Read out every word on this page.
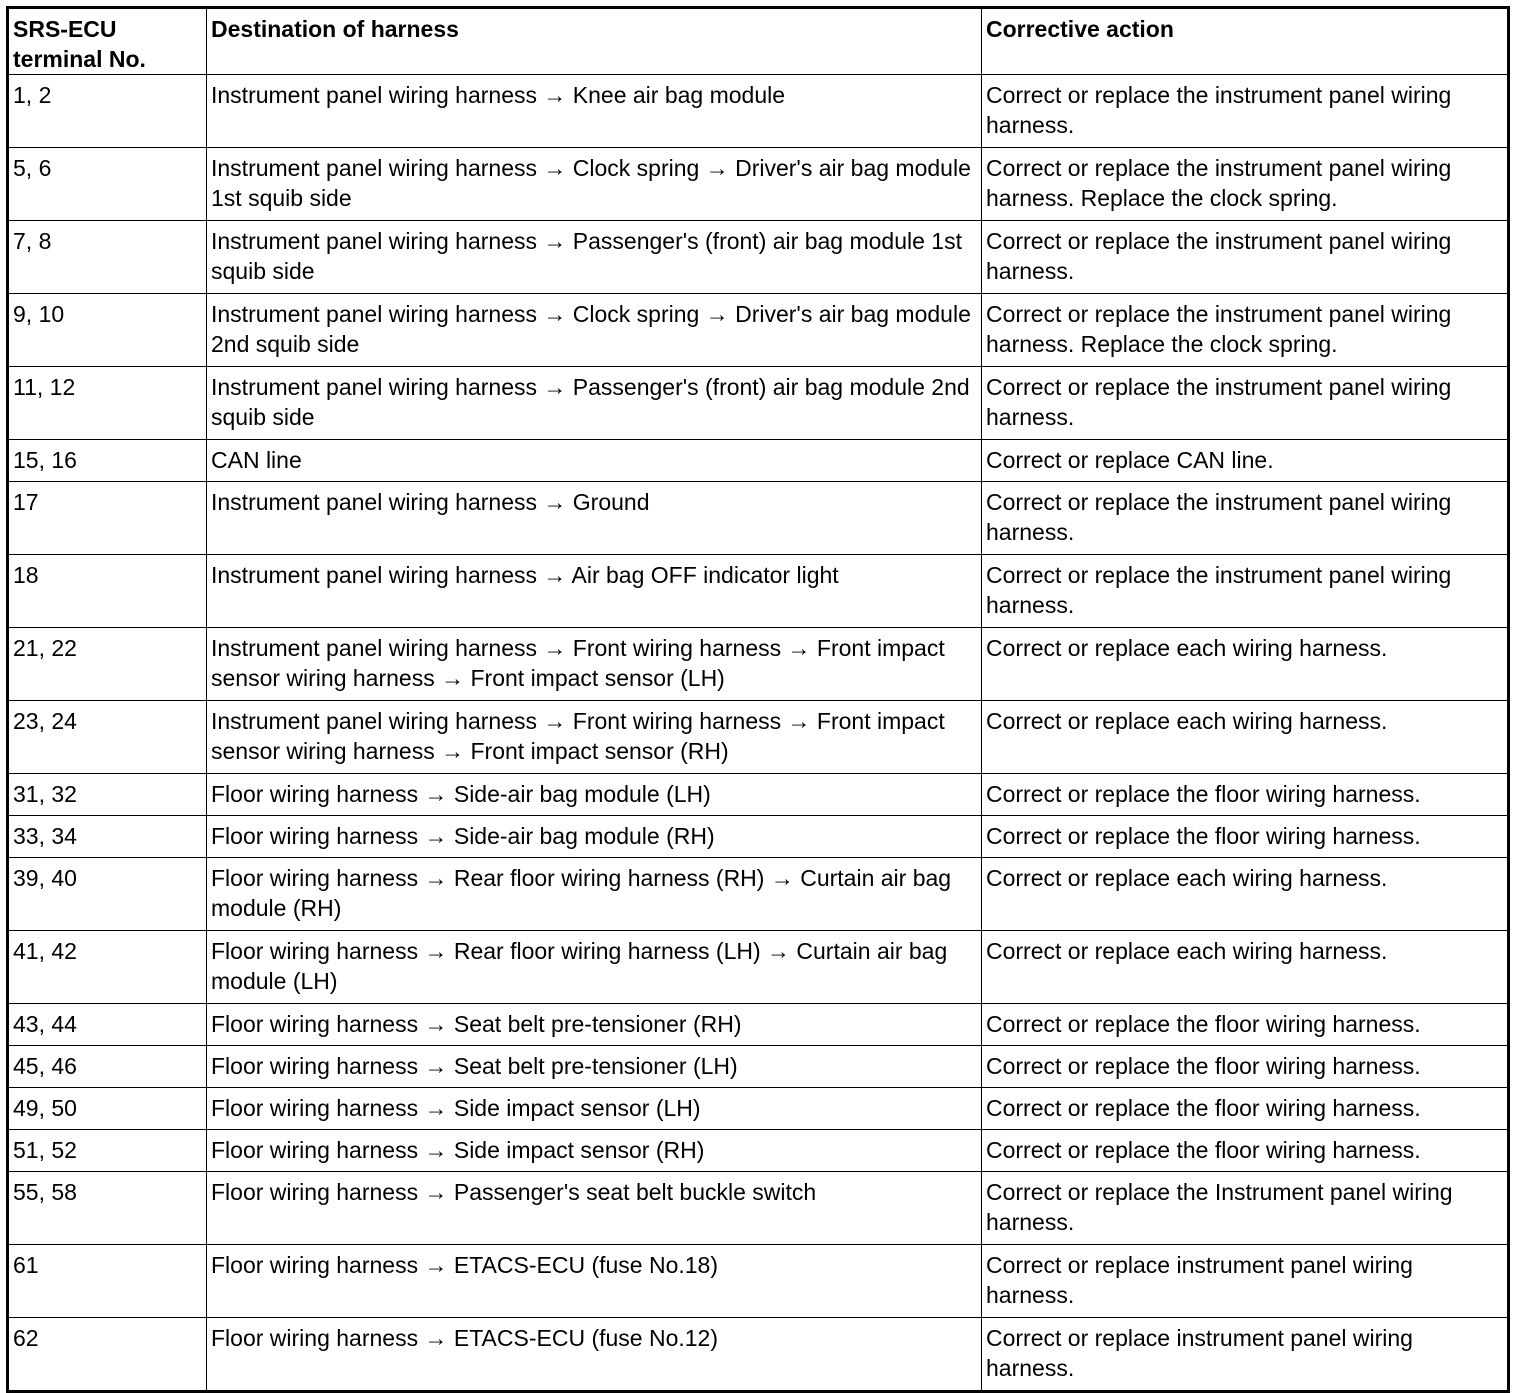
SRS-ECU terminal No.	Destination of harness	Corrective action
1, 2	Instrument panel wiring harness → Knee air bag module	Correct or replace the instrument panel wiring harness.
5, 6	Instrument panel wiring harness → Clock spring → Driver's air bag module 1st squib side	Correct or replace the instrument panel wiring harness. Replace the clock spring.
7, 8	Instrument panel wiring harness → Passenger's (front) air bag module 1st squib side	Correct or replace the instrument panel wiring harness.
9, 10	Instrument panel wiring harness → Clock spring → Driver's air bag module 2nd squib side	Correct or replace the instrument panel wiring harness. Replace the clock spring.
11, 12	Instrument panel wiring harness → Passenger's (front) air bag module 2nd squib side	Correct or replace the instrument panel wiring harness.
15, 16	CAN line	Correct or replace CAN line.
17	Instrument panel wiring harness → Ground	Correct or replace the instrument panel wiring harness.
18	Instrument panel wiring harness → Air bag OFF indicator light	Correct or replace the instrument panel wiring harness.
21, 22	Instrument panel wiring harness → Front wiring harness → Front impact sensor wiring harness → Front impact sensor (LH)	Correct or replace each wiring harness.
23, 24	Instrument panel wiring harness → Front wiring harness → Front impact sensor wiring harness → Front impact sensor (RH)	Correct or replace each wiring harness.
31, 32	Floor wiring harness → Side-air bag module (LH)	Correct or replace the floor wiring harness.
33, 34	Floor wiring harness → Side-air bag module (RH)	Correct or replace the floor wiring harness.
39, 40	Floor wiring harness → Rear floor wiring harness (RH) → Curtain air bag module (RH)	Correct or replace each wiring harness.
41, 42	Floor wiring harness → Rear floor wiring harness (LH) → Curtain air bag module (LH)	Correct or replace each wiring harness.
43, 44	Floor wiring harness → Seat belt pre-tensioner (RH)	Correct or replace the floor wiring harness.
45, 46	Floor wiring harness → Seat belt pre-tensioner (LH)	Correct or replace the floor wiring harness.
49, 50	Floor wiring harness → Side impact sensor (LH)	Correct or replace the floor wiring harness.
51, 52	Floor wiring harness → Side impact sensor (RH)	Correct or replace the floor wiring harness.
55, 58	Floor wiring harness → Passenger's seat belt buckle switch	Correct or replace the Instrument panel wiring harness.
61	Floor wiring harness → ETACS-ECU (fuse No.18)	Correct or replace instrument panel wiring harness.
62	Floor wiring harness → ETACS-ECU (fuse No.12)	Correct or replace instrument panel wiring harness.
